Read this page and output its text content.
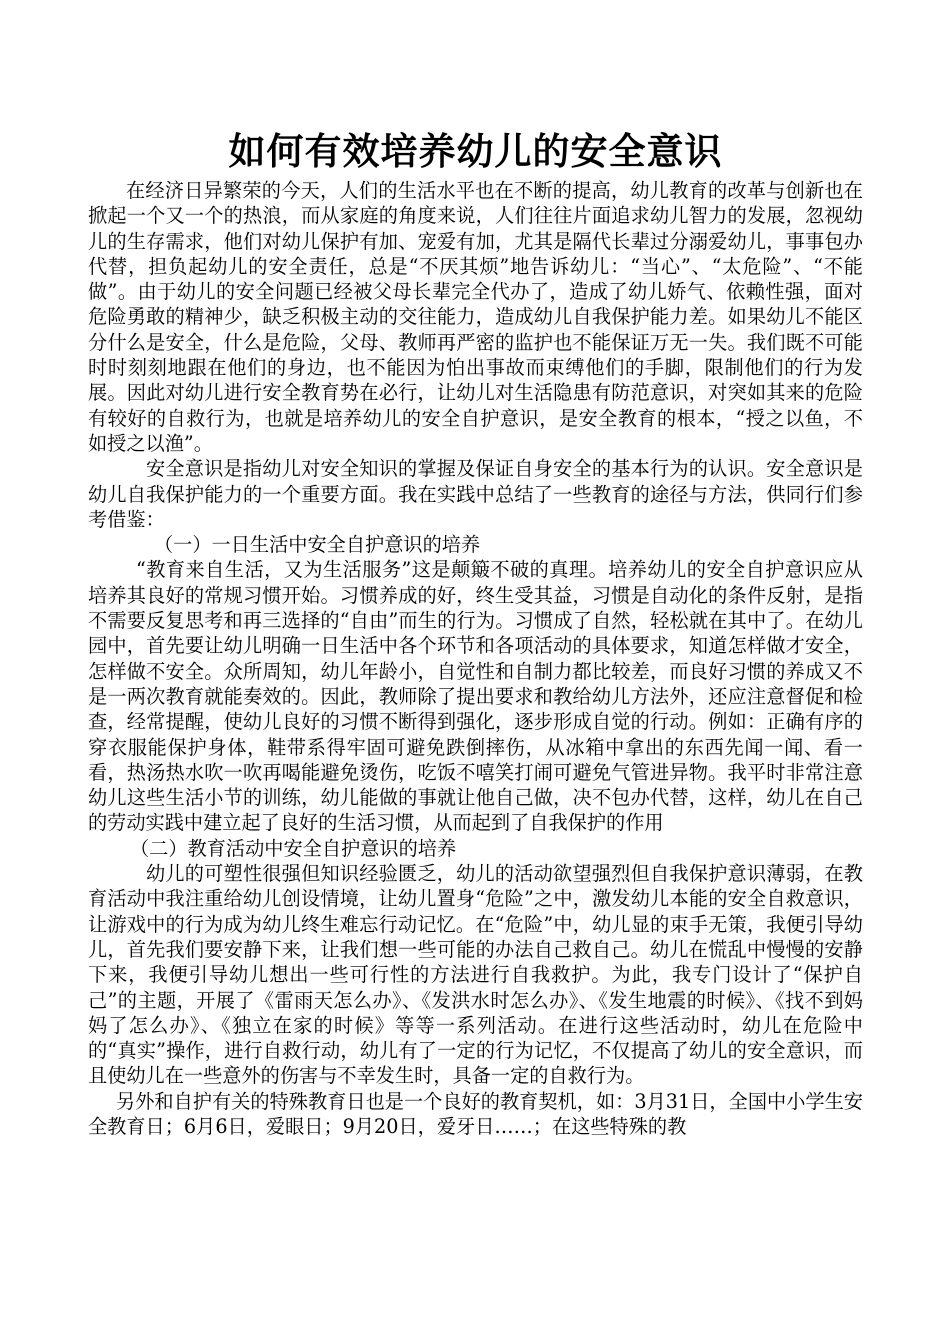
如何有效培养幼儿的安全意识

在经济日异繁荣的今天，人们的生活水平也在不断的提高，幼儿教育的改革与创新也在掀起一个又一个的热浪，而从家庭的角度来说，人们往往片面追求幼儿智力的发展，忽视幼儿的生存需求，他们对幼儿保护有加、宠爱有加，尤其是隔代长辈过分溺爱幼儿，事事包办代替，担负起幼儿的安全责任，总是“不厌其烦”地告诉幼儿：“当心”、“太危险”、“不能做”。由于幼儿的安全问题已经被父母长辈完全代办了，造成了幼儿娇气、依赖性强，面对危险勇敢的精神少，缺乏积极主动的交往能力，造成幼儿自我保护能力差。如果幼儿不能区分什么是安全，什么是危险，父母、教师再严密的监护也不能保证万无一失。我们既不可能时时刻刻地跟在他们的身边，也不能因为怕出事故而束缚他们的手脚，限制他们的行为发展。因此对幼儿进行安全教育势在必行，让幼儿对生活隐患有防范意识，对突如其来的危险有较好的自救行为，也就是培养幼儿的安全自护意识，是安全教育的根本，“授之以鱼，不如授之以渔”。

安全意识是指幼儿对安全知识的掌握及保证自身安全的基本行为的认识。安全意识是幼儿自我保护能力的一个重要方面。我在实践中总结了一些教育的途径与方法，供同行们参考借鉴：

（一）一日生活中安全自护意识的培养

“教育来自生活，又为生活服务”这是颠簸不破的真理。培养幼儿的安全自护意识应从培养其良好的常规习惯开始。习惯养成的好，终生受其益，习惯是自动化的条件反射，是指不需要反复思考和再三选择的“自由”而生的行为。习惯成了自然，轻松就在其中了。在幼儿园中，首先要让幼儿明确一日生活中各个环节和各项活动的具体要求，知道怎样做才安全，怎样做不安全。众所周知，幼儿年龄小，自觉性和自制力都比较差，而良好习惯的养成又不是一两次教育就能奏效的。因此，教师除了提出要求和教给幼儿方法外，还应注意督促和检查，经常提醒，使幼儿良好的习惯不断得到强化，逐步形成自觉的行动。例如：正确有序的穿衣服能保护身体，鞋带系得牢固可避免跌倒摔伤，从冰箱中拿出的东西先闻一闻、看一看，热汤热水吹一吹再喝能避免烫伤，吃饭不嘻笑打闹可避免气管进异物。我平时非常注意幼儿这些生活小节的训练，幼儿能做的事就让他自己做，决不包办代替，这样，幼儿在自己的劳动实践中建立起了良好的生活习惯，从而起到了自我保护的作用

（二）教育活动中安全自护意识的培养

幼儿的可塑性很强但知识经验匮乏，幼儿的活动欲望强烈但自我保护意识薄弱，在教育活动中我注重给幼儿创设情境，让幼儿置身“危险”之中，激发幼儿本能的安全自救意识，让游戏中的行为成为幼儿终生难忘行动记忆。在“危险”中，幼儿显的束手无策，我便引导幼儿，首先我们要安静下来，让我们想一些可能的办法自己救自己。幼儿在慌乱中慢慢的安静下来，我便引导幼儿想出一些可行性的方法进行自我救护。为此，我专门设计了“保护自己”的主题，开展了《雷雨天怎么办》、《发洪水时怎么办》、《发生地震的时候》、《找不到妈妈了怎么办》、《独立在家的时候》等等一系列活动。在进行这些活动时，幼儿在危险中的“真实”操作，进行自救行动，幼儿有了一定的行为记忆，不仅提高了幼儿的安全意识，而且使幼儿在一些意外的伤害与不幸发生时，具备一定的自救行为。

另外和自护有关的特殊教育日也是一个良好的教育契机，如：3月31日，全国中小学生安全教育日；6月6日，爱眼日；9月20日，爱牙日……；在这些特殊的教
